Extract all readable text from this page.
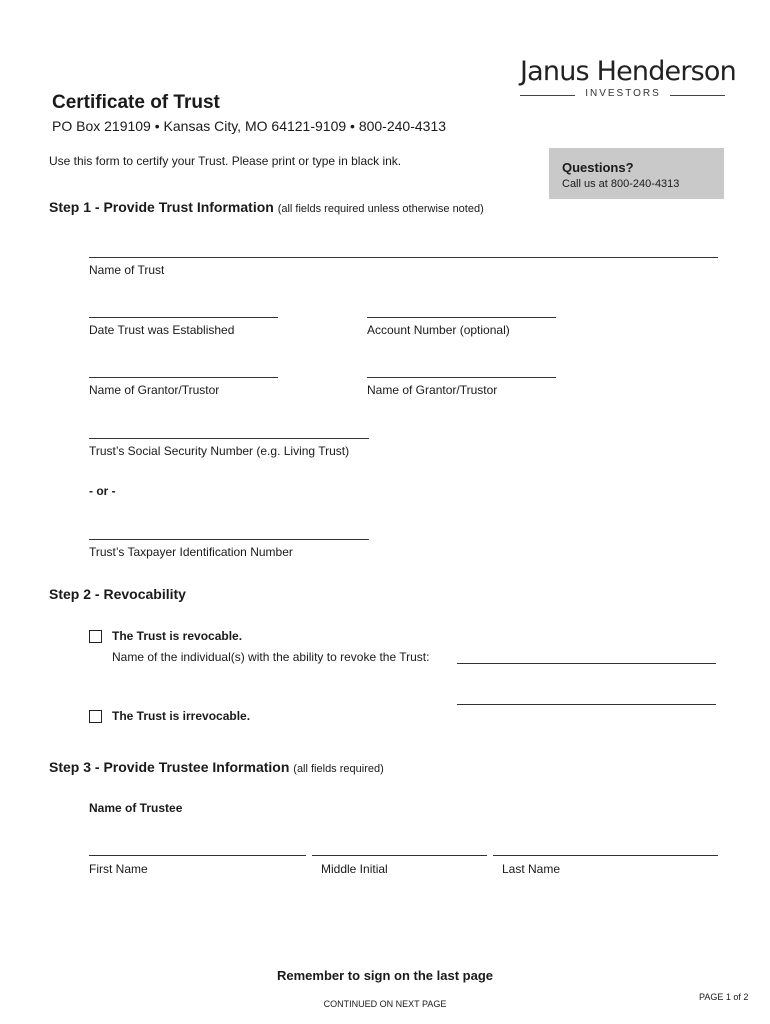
Janus Henderson
INVESTORS
Certificate of Trust
PO Box 219109 • Kansas City, MO 64121-9109 • 800-240-4313
Use this form to certify your Trust. Please print or type in black ink.	Questions?
Call us at 800-240-4313
Step 1 - Provide Trust Information (all fields required unless otherwise noted)
Name of Trust
Date Trust was Established	Account Number (optional)
Name of Grantor/Trustor	Name of Grantor/Trustor
Trust’s Social Security Number (e.g. Living Trust)
- or -
Trust’s Taxpayer Identification Number
Step 2 - Revocability
The Trust is revocable.
Name of the individual(s) with the ability to revoke the Trust:
The Trust is irrevocable.
Step 3 - Provide Trustee Information (all fields required)
Name of Trustee
First Name	Middle Initial	Last Name
Remember to sign on the last page
CONTINUED ON NEXT PAGE
PAGE 1 of 2
